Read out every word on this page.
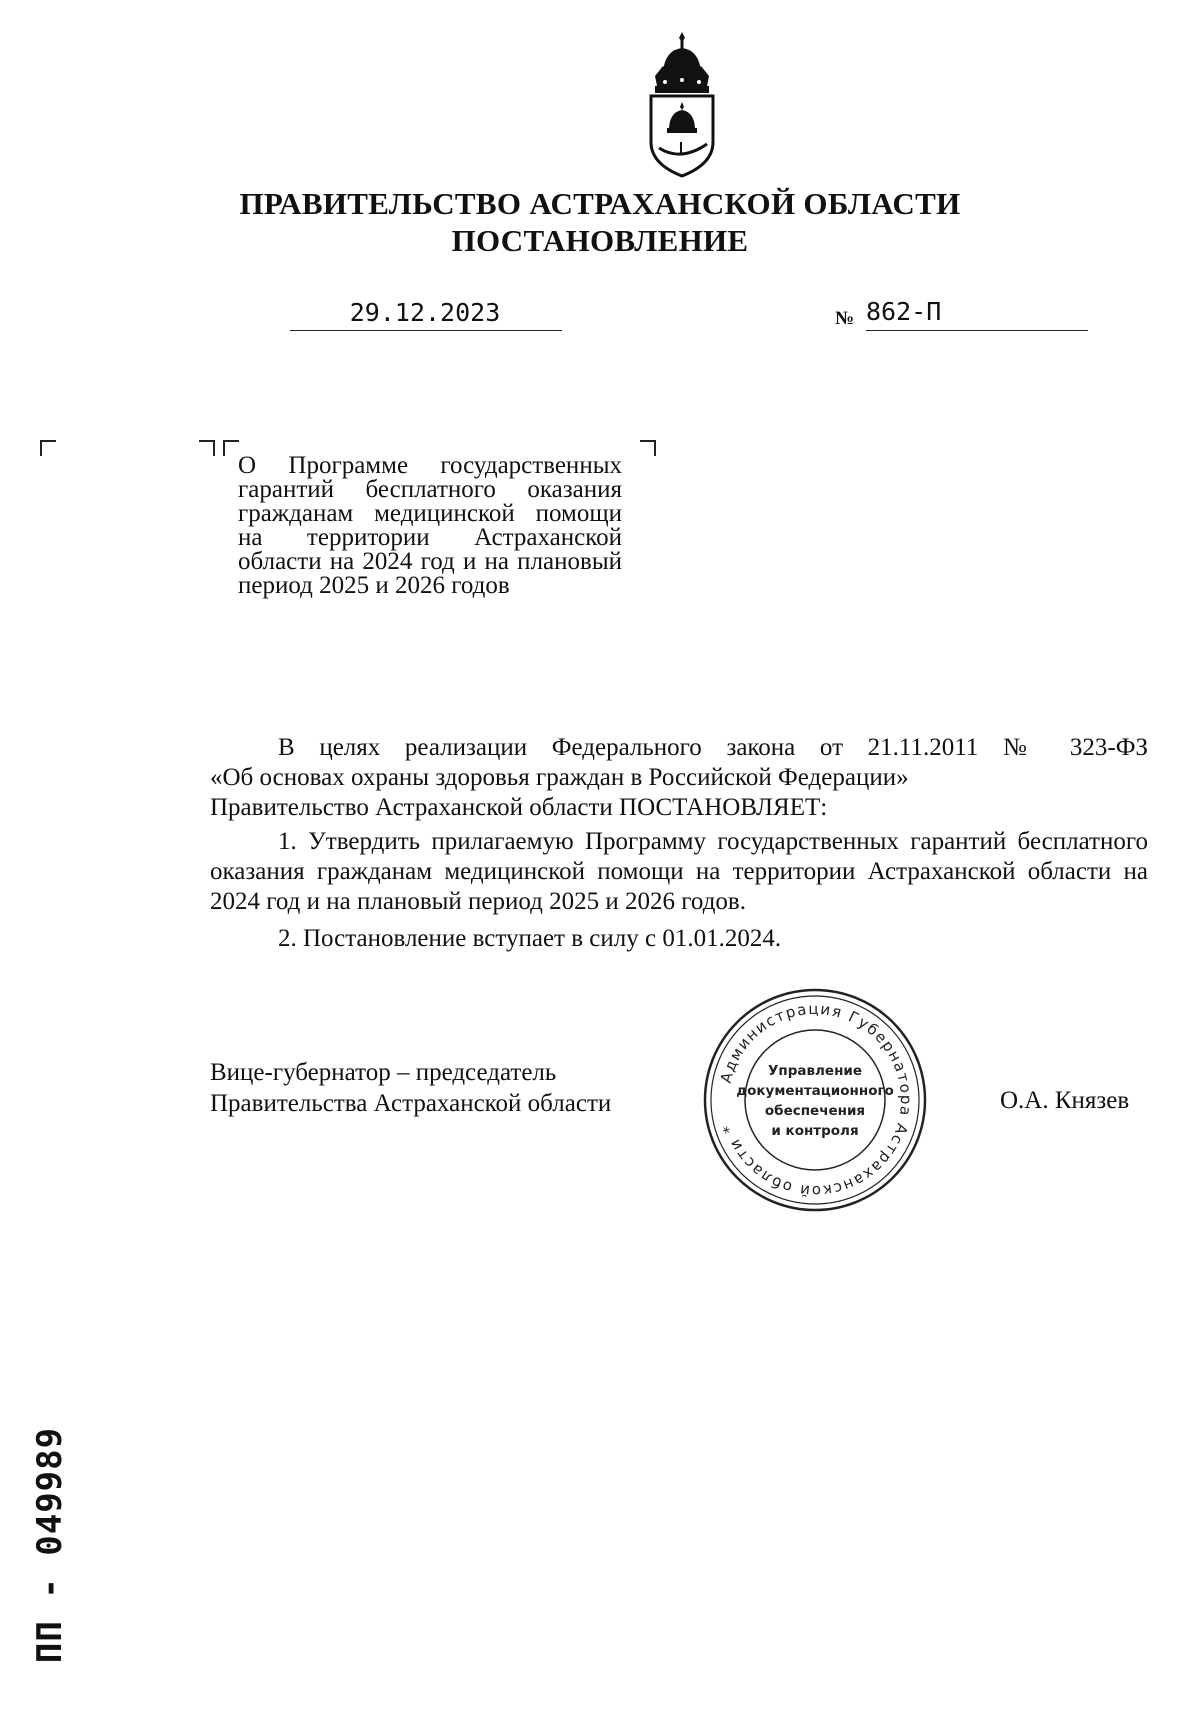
ПРАВИТЕЛЬСТВО АСТРАХАНСКОЙ ОБЛАСТИ
ПОСТАНОВЛЕНИЕ
29.12.2023	№ 862-П
О Программе государственных гарантий бесплатного оказания гражданам медицинской помощи на территории Астраханской области на 2024 год и на плановый период 2025 и 2026 годов
В целях реализации Федерального закона от 21.11.2011 № 323-ФЗ
«Об основах охраны здоровья граждан в Российской Федерации»
Правительство Астраханской области ПОСТАНОВЛЯЕТ:
1. Утвердить прилагаемую Программу государственных гарантий бесплатного оказания гражданам медицинской помощи на территории Астраханской области на 2024 год и на плановый период 2025 и 2026 годов.
2. Постановление вступает в силу с 01.01.2024.
Вице-губернатор – председатель
Правительства Астраханской области	О.А. Князев
Администрация Губернатора Астраханской области *
Управление
документационного
обеспечения
и контроля
ПП - 049989
